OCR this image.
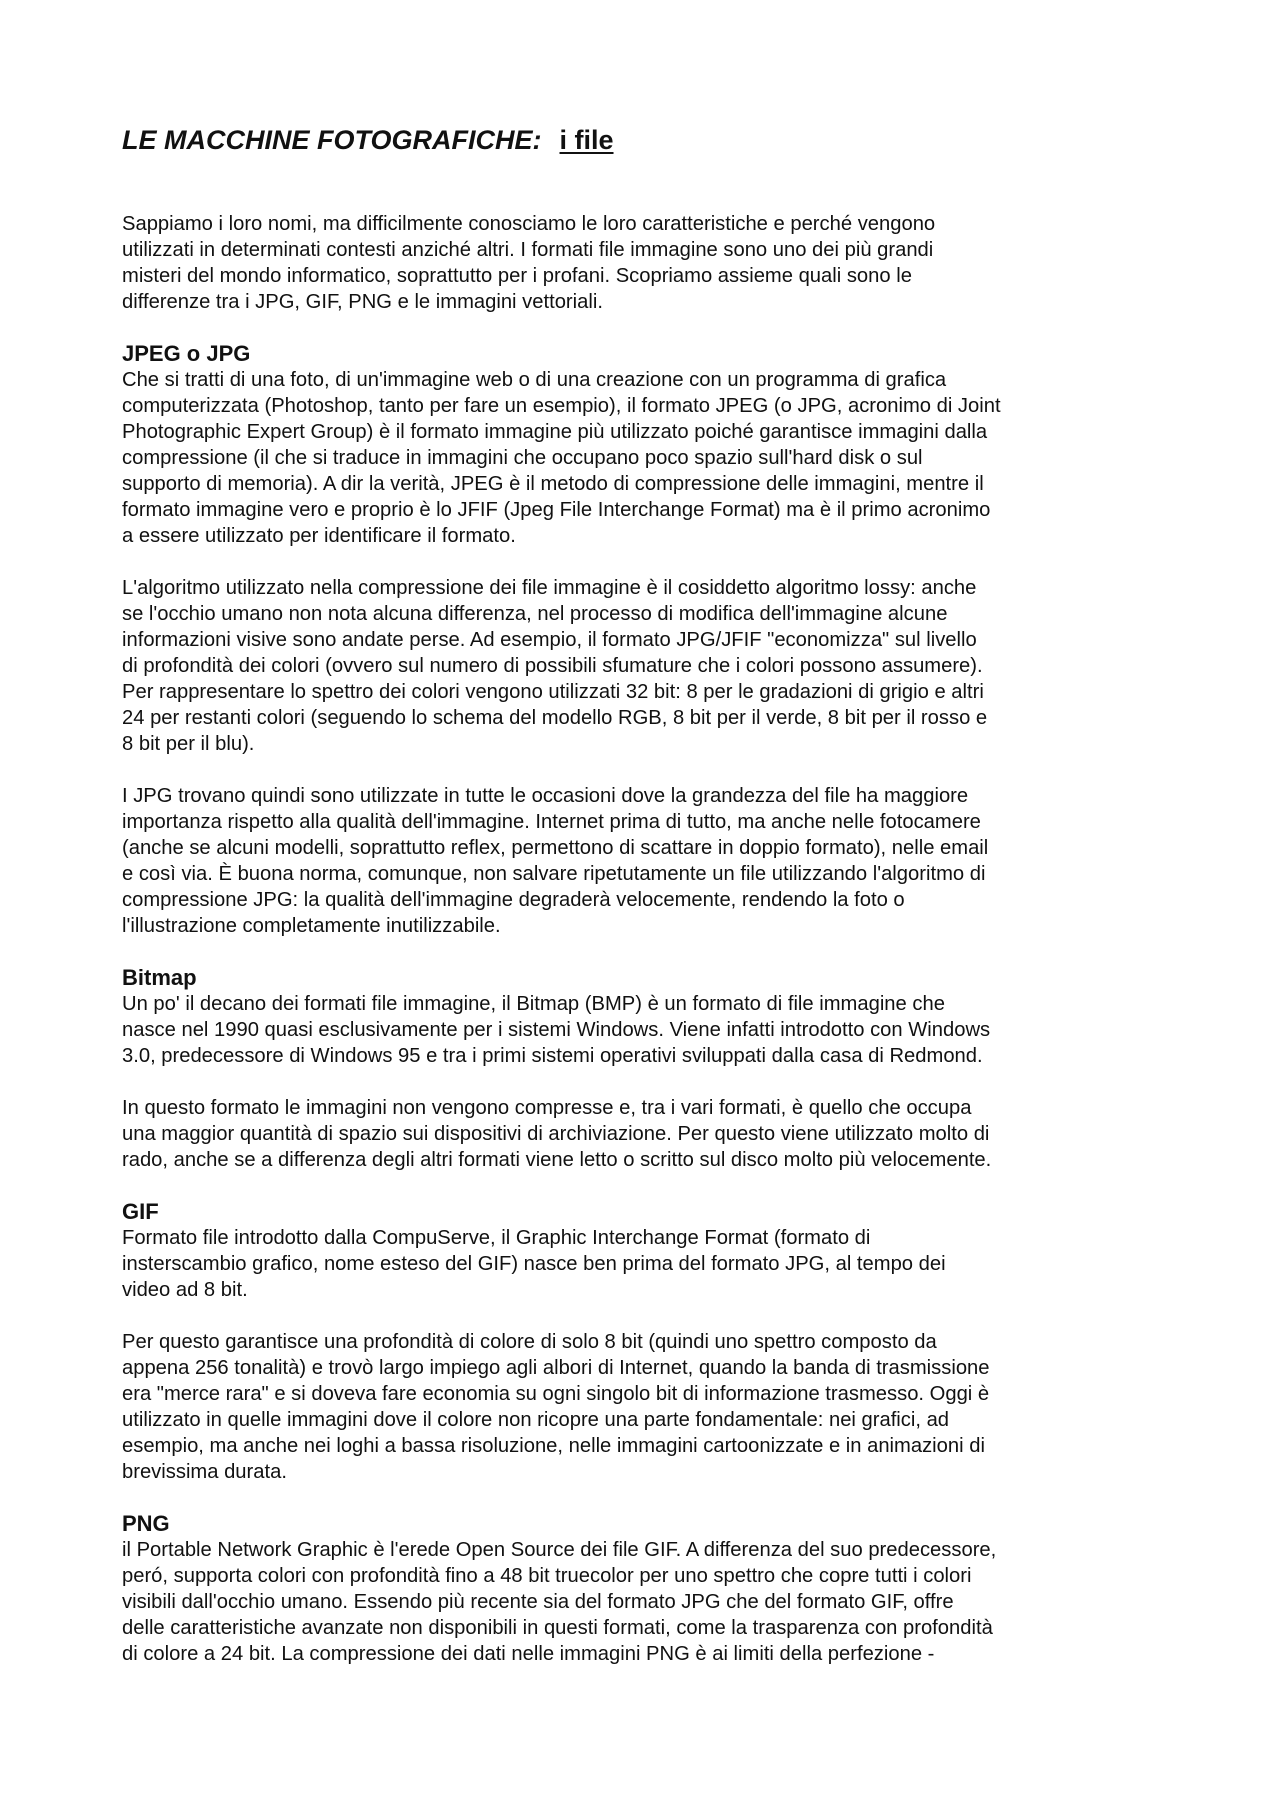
LE MACCHINE FOTOGRAFICHE: i file

Sappiamo i loro nomi, ma difficilmente conosciamo le loro caratteristiche e perché vengono
utilizzati in determinati contesti anziché altri. I formati file immagine sono uno dei più grandi
misteri del mondo informatico, soprattutto per i profani. Scopriamo assieme quali sono le
differenze tra i JPG, GIF, PNG e le immagini vettoriali.

JPEG o JPG

Che si tratti di una foto, di un'immagine web o di una creazione con un programma di grafica
computerizzata (Photoshop, tanto per fare un esempio), il formato JPEG (o JPG, acronimo di Joint
Photographic Expert Group) è il formato immagine più utilizzato poiché garantisce immagini dalla
compressione (il che si traduce in immagini che occupano poco spazio sull'hard disk o sul
supporto di memoria). A dir la verità, JPEG è il metodo di compressione delle immagini, mentre il
formato immagine vero e proprio è lo JFIF (Jpeg File Interchange Format) ma è il primo acronimo
a essere utilizzato per identificare il formato.

L'algoritmo utilizzato nella compressione dei file immagine è il cosiddetto algoritmo lossy: anche
se l'occhio umano non nota alcuna differenza, nel processo di modifica dell'immagine alcune
informazioni visive sono andate perse. Ad esempio, il formato JPG/JFIF "economizza" sul livello
di profondità dei colori (ovvero sul numero di possibili sfumature che i colori possono assumere).
Per rappresentare lo spettro dei colori vengono utilizzati 32 bit: 8 per le gradazioni di grigio e altri
24 per restanti colori (seguendo lo schema del modello RGB, 8 bit per il verde, 8 bit per il rosso e
8 bit per il blu).

I JPG trovano quindi sono utilizzate in tutte le occasioni dove la grandezza del file ha maggiore
importanza rispetto alla qualità dell'immagine. Internet prima di tutto, ma anche nelle fotocamere
(anche se alcuni modelli, soprattutto reflex, permettono di scattare in doppio formato), nelle email
e così via. È buona norma, comunque, non salvare ripetutamente un file utilizzando l'algoritmo di
compressione JPG: la qualità dell'immagine degraderà velocemente, rendendo la foto o
l'illustrazione completamente inutilizzabile.

Bitmap

Un po' il decano dei formati file immagine, il Bitmap (BMP) è un formato di file immagine che
nasce nel 1990 quasi esclusivamente per i sistemi Windows. Viene infatti introdotto con Windows
3.0, predecessore di Windows 95 e tra i primi sistemi operativi sviluppati dalla casa di Redmond.

In questo formato le immagini non vengono compresse e, tra i vari formati, è quello che occupa
una maggior quantità di spazio sui dispositivi di archiviazione. Per questo viene utilizzato molto di
rado, anche se a differenza degli altri formati viene letto o scritto sul disco molto più velocemente.

GIF

Formato file introdotto dalla CompuServe, il Graphic Interchange Format (formato di
insterscambio grafico, nome esteso del GIF) nasce ben prima del formato JPG, al tempo dei
video ad 8 bit.

Per questo garantisce una profondità di colore di solo 8 bit (quindi uno spettro composto da
appena 256 tonalità) e trovò largo impiego agli albori di Internet, quando la banda di trasmissione
era "merce rara" e si doveva fare economia su ogni singolo bit di informazione trasmesso. Oggi è
utilizzato in quelle immagini dove il colore non ricopre una parte fondamentale: nei grafici, ad
esempio, ma anche nei loghi a bassa risoluzione, nelle immagini cartoonizzate e in animazioni di
brevissima durata.

PNG

il Portable Network Graphic è l'erede Open Source dei file GIF. A differenza del suo predecessore,
peró, supporta colori con profondità fino a 48 bit truecolor per uno spettro che copre tutti i colori
visibili dall'occhio umano. Essendo più recente sia del formato JPG che del formato GIF, offre
delle caratteristiche avanzate non disponibili in questi formati, come la trasparenza con profondità
di colore a 24 bit. La compressione dei dati nelle immagini PNG è ai limiti della perfezione -
